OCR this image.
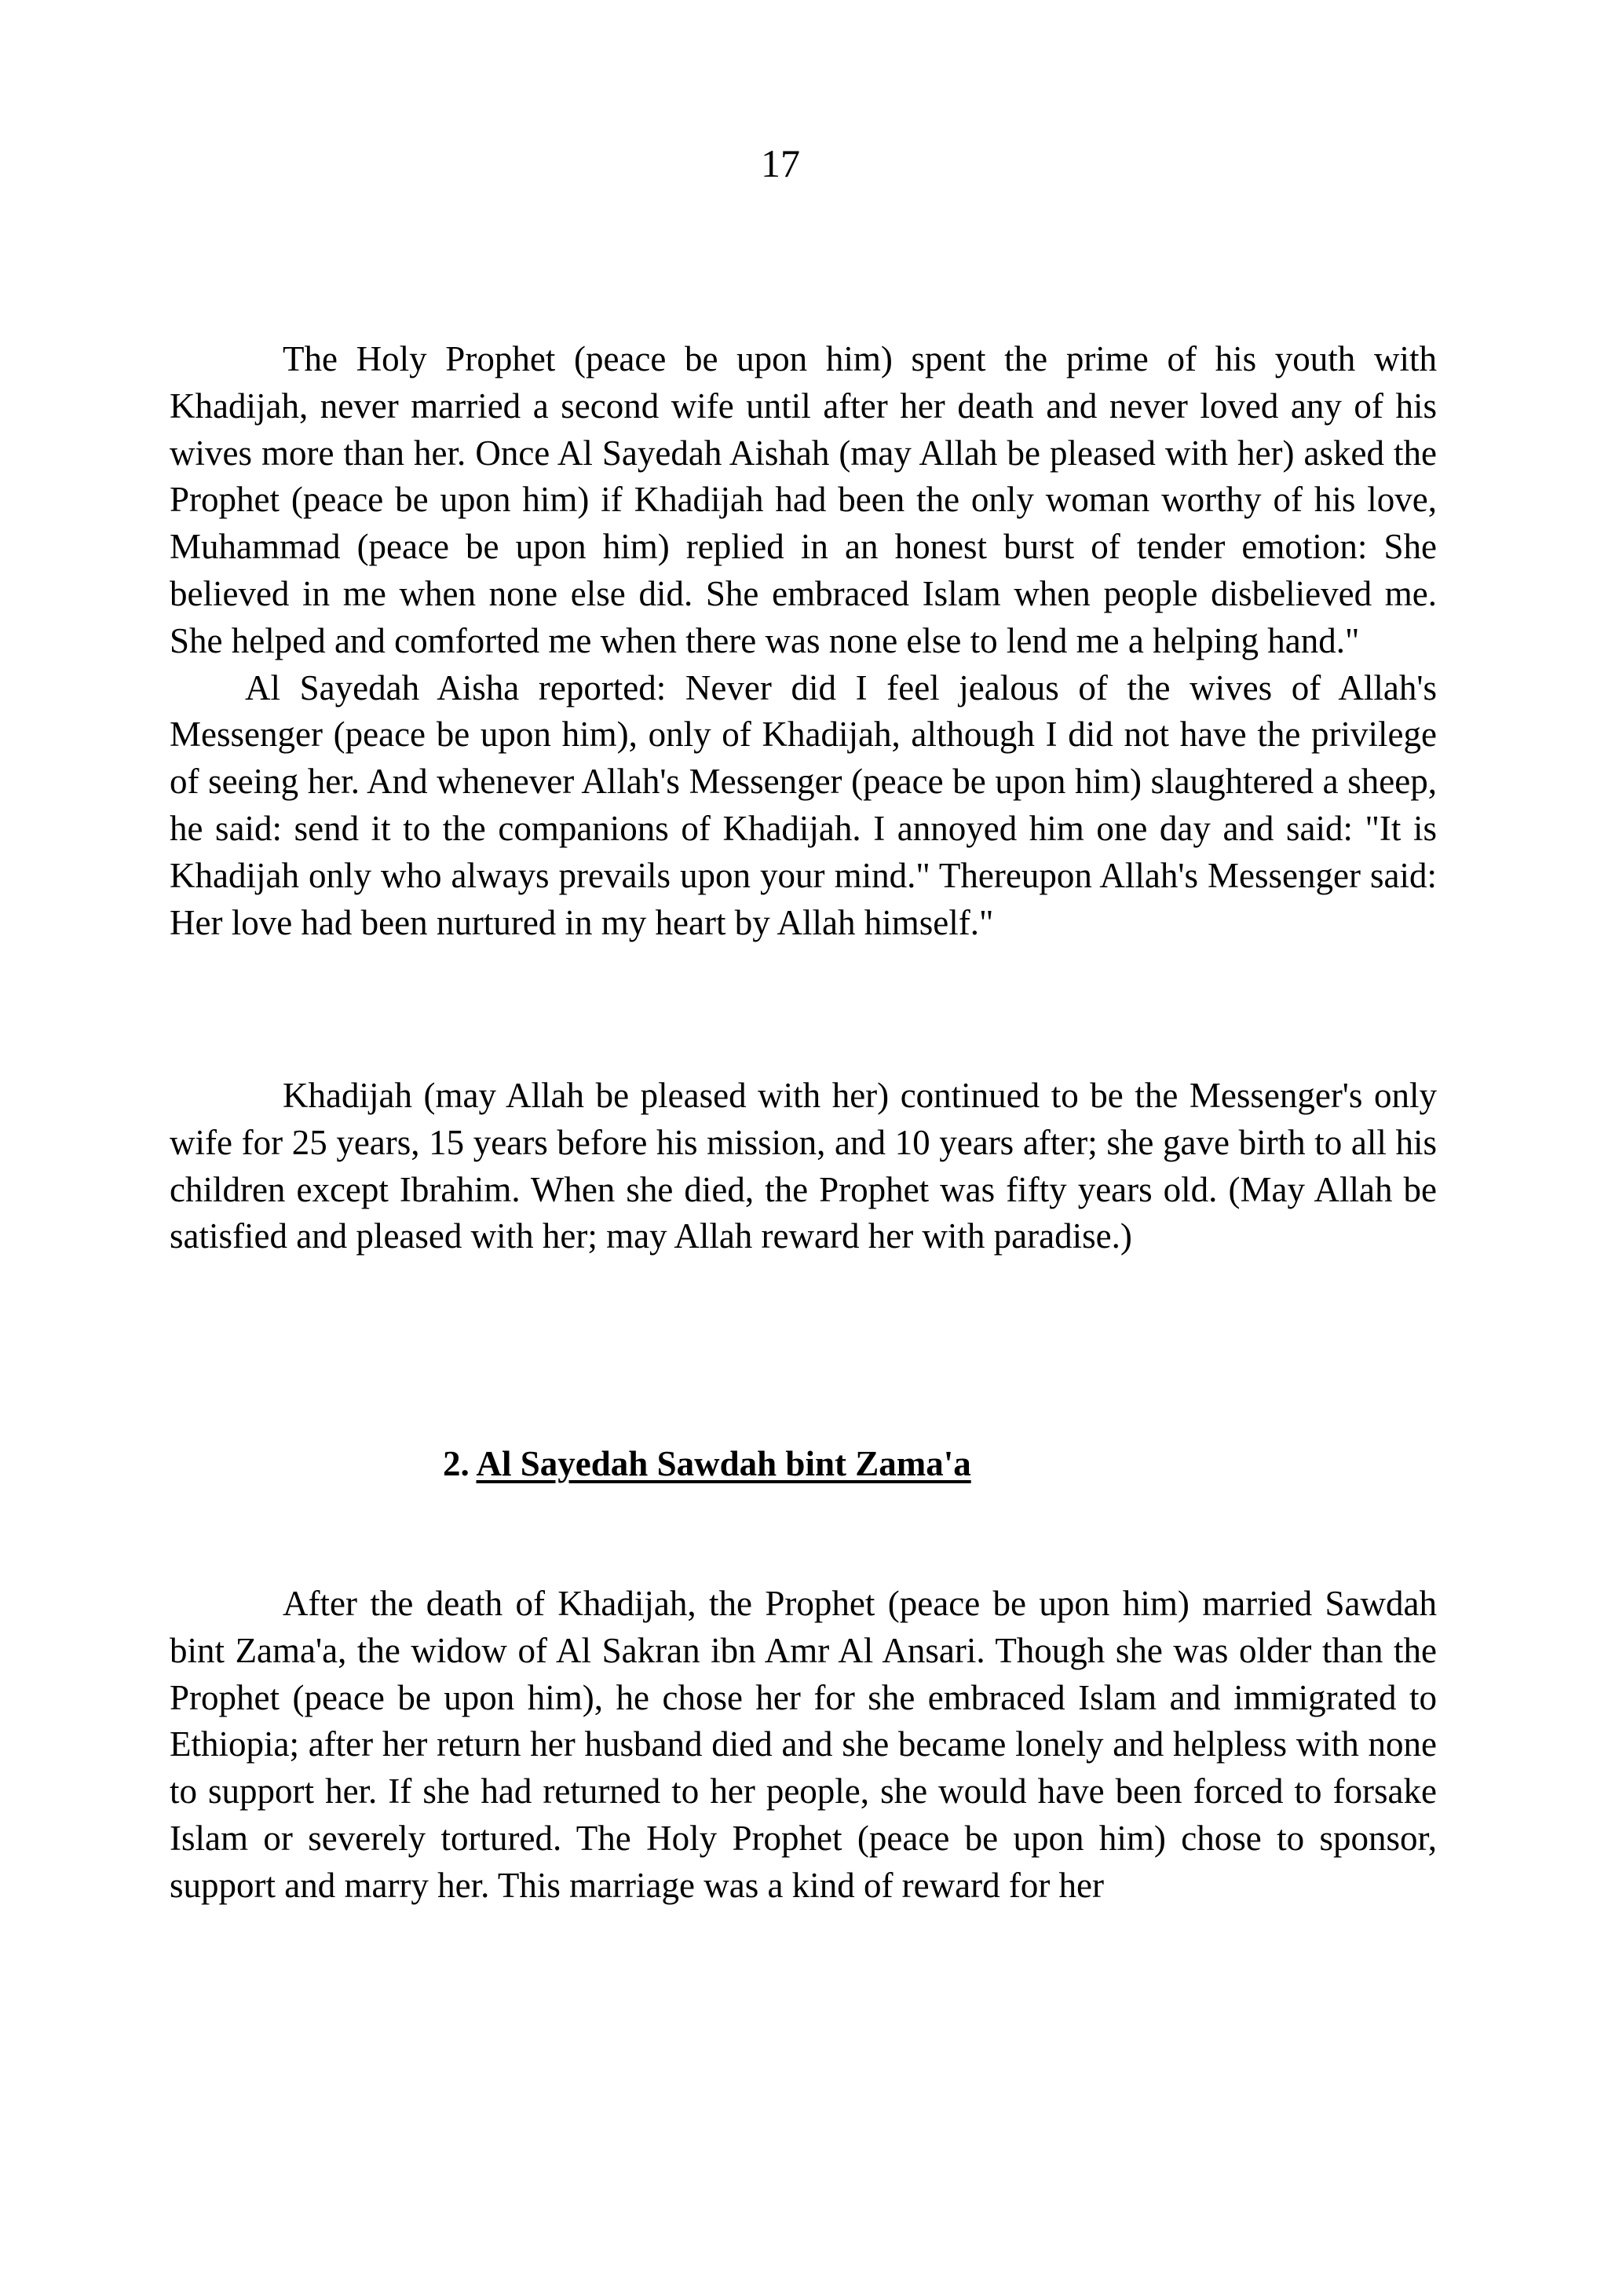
17

The Holy Prophet (peace be upon him) spent the prime of his youth with Khadijah, never married a second wife until after her death and never loved any of his wives more than her. Once Al Sayedah Aishah (may Allah be pleased with her) asked the Prophet (peace be upon him) if Khadijah had been the only woman worthy of his love, Muhammad (peace be upon him) replied in an honest burst of tender emotion: She believed in me when none else did. She embraced Islam when people disbelieved me. She helped and comforted me when there was none else to lend me a helping hand."

Al Sayedah Aisha reported: Never did I feel jealous of the wives of Allah's Messenger (peace be upon him), only of Khadijah, although I did not have the privilege of seeing her. And whenever Allah's Messenger (peace be upon him) slaughtered a sheep, he said: send it to the companions of Khadijah. I annoyed him one day and said: "It is Khadijah only who always prevails upon your mind." Thereupon Allah's Messenger said: Her love had been nurtured in my heart by Allah himself."

Khadijah (may Allah be pleased with her) continued to be the Messenger's only wife for 25 years, 15 years before his mission, and 10 years after; she gave birth to all his children except Ibrahim. When she died, the Prophet was fifty years old. (May Allah be satisfied and pleased with her; may Allah reward her with paradise.)

2. Al Sayedah Sawdah bint Zama'a

After the death of Khadijah, the Prophet (peace be upon him) married Sawdah bint Zama'a, the widow of Al Sakran ibn Amr Al Ansari. Though she was older than the Prophet (peace be upon him), he chose her for she embraced Islam and immigrated to Ethiopia; after her return her husband died and she became lonely and helpless with none to support her. If she had returned to her people, she would have been forced to forsake Islam or severely tortured. The Holy Prophet (peace be upon him) chose to sponsor, support and marry her. This marriage was a kind of reward for her
